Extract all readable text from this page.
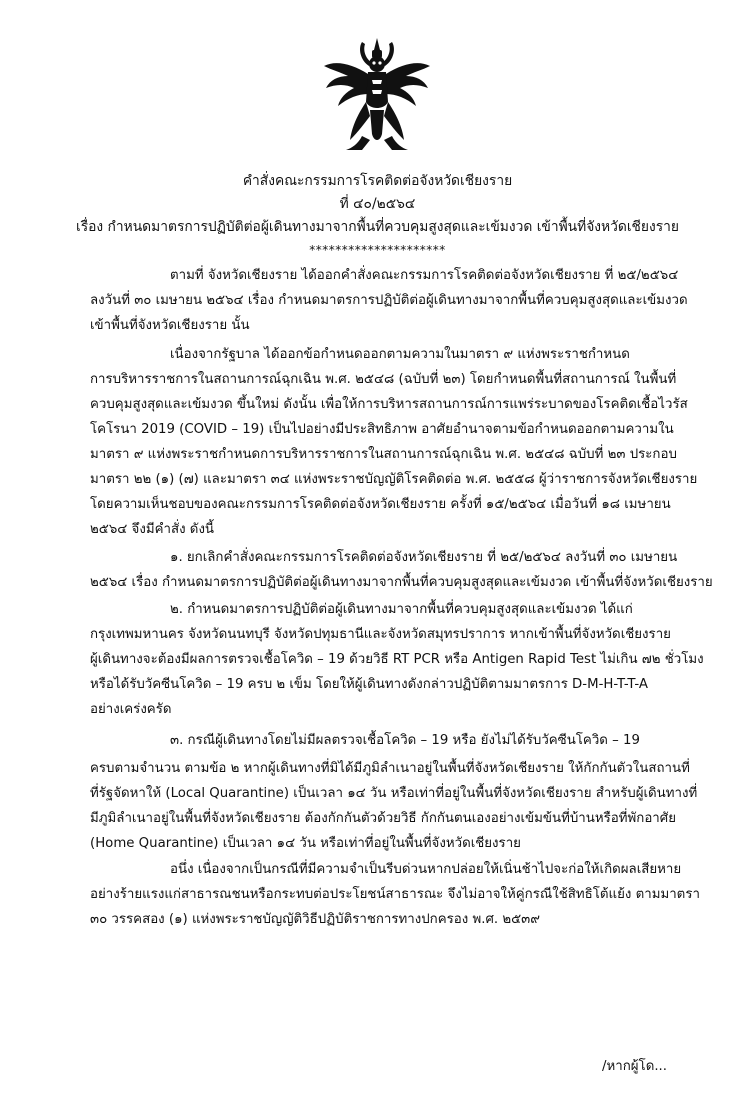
คำสั่งคณะกรรมการโรคติดต่อจังหวัดเชียงราย
ที่ ๔๐/๒๕๖๔
เรื่อง กำหนดมาตรการปฏิบัติต่อผู้เดินทางมาจากพื้นที่ควบคุมสูงสุดและเข้มงวด เข้าพื้นที่จังหวัดเชียงราย
*********************
ตามที่ จังหวัดเชียงราย ได้ออกคำสั่งคณะกรรมการโรคติดต่อจังหวัดเชียงราย ที่ ๒๕/๒๕๖๔
ลงวันที่ ๓๐ เมษายน ๒๕๖๔ เรื่อง กำหนดมาตรการปฏิบัติต่อผู้เดินทางมาจากพื้นที่ควบคุมสูงสุดและเข้มงวด
เข้าพื้นที่จังหวัดเชียงราย นั้น
เนื่องจากรัฐบาล ได้ออกข้อกำหนดออกตามความในมาตรา ๙ แห่งพระราชกำหนด
การบริหารราชการในสถานการณ์ฉุกเฉิน พ.ศ. ๒๕๔๘ (ฉบับที่ ๒๓) โดยกำหนดพื้นที่สถานการณ์ ในพื้นที่
ควบคุมสูงสุดและเข้มงวด ขึ้นใหม่ ดังนั้น เพื่อให้การบริหารสถานการณ์การแพร่ระบาดของโรคติดเชื้อไวรัส
โคโรนา 2019 (COVID – 19) เป็นไปอย่างมีประสิทธิภาพ อาศัยอำนาจตามข้อกำหนดออกตามความใน
มาตรา ๙ แห่งพระราชกำหนดการบริหารราชการในสถานการณ์ฉุกเฉิน พ.ศ. ๒๕๔๘ ฉบับที่ ๒๓ ประกอบ
มาตรา ๒๒ (๑) (๗) และมาตรา ๓๔ แห่งพระราชบัญญัติโรคติดต่อ พ.ศ. ๒๕๕๘ ผู้ว่าราชการจังหวัดเชียงราย
โดยความเห็นชอบของคณะกรรมการโรคติดต่อจังหวัดเชียงราย ครั้งที่ ๑๕/๒๕๖๔ เมื่อวันที่ ๑๘ เมษายน
๒๕๖๔ จึงมีคำสั่ง ดังนี้
๑. ยกเลิกคำสั่งคณะกรรมการโรคติดต่อจังหวัดเชียงราย ที่ ๒๕/๒๕๖๔ ลงวันที่ ๓๐ เมษายน
๒๕๖๔ เรื่อง กำหนดมาตรการปฏิบัติต่อผู้เดินทางมาจากพื้นที่ควบคุมสูงสุดและเข้มงวด เข้าพื้นที่จังหวัดเชียงราย
๒. กำหนดมาตรการปฏิบัติต่อผู้เดินทางมาจากพื้นที่ควบคุมสูงสุดและเข้มงวด ได้แก่
กรุงเทพมหานคร จังหวัดนนทบุรี จังหวัดปทุมธานีและจังหวัดสมุทรปราการ หากเข้าพื้นที่จังหวัดเชียงราย
ผู้เดินทางจะต้องมีผลการตรวจเชื้อโควิด – 19 ด้วยวิธี RT PCR หรือ Antigen Rapid Test ไม่เกิน ๗๒ ชั่วโมง
หรือได้รับวัคซีนโควิด – 19 ครบ ๒ เข็ม โดยให้ผู้เดินทางดังกล่าวปฏิบัติตามมาตรการ D-M-H-T-T-A
อย่างเคร่งครัด
๓. กรณีผู้เดินทางโดยไม่มีผลตรวจเชื้อโควิด – 19 หรือ ยังไม่ได้รับวัคซีนโควิด – 19
ครบตามจำนวน ตามข้อ ๒ หากผู้เดินทางที่มิได้มีภูมิลำเนาอยู่ในพื้นที่จังหวัดเชียงราย ให้กักกันตัวในสถานที่
ที่รัฐจัดหาให้ (Local Quarantine) เป็นเวลา ๑๔ วัน หรือเท่าที่อยู่ในพื้นที่จังหวัดเชียงราย สำหรับผู้เดินทางที่
มีภูมิลำเนาอยู่ในพื้นที่จังหวัดเชียงราย ต้องกักกันตัวด้วยวิธี กักกันตนเองอย่างเข้มข้นที่บ้านหรือที่พักอาศัย
(Home Quarantine) เป็นเวลา ๑๔ วัน หรือเท่าที่อยู่ในพื้นที่จังหวัดเชียงราย
อนึ่ง เนื่องจากเป็นกรณีที่มีความจำเป็นรีบด่วนหากปล่อยให้เนิ่นช้าไปจะก่อให้เกิดผลเสียหาย
อย่างร้ายแรงแก่สาธารณชนหรือกระทบต่อประโยชน์สาธารณะ จึงไม่อาจให้คู่กรณีใช้สิทธิโต้แย้ง ตามมาตรา
๓๐ วรรคสอง (๑) แห่งพระราชบัญญัติวิธีปฏิบัติราชการทางปกครอง พ.ศ. ๒๕๓๙
/หากผู้โด...
